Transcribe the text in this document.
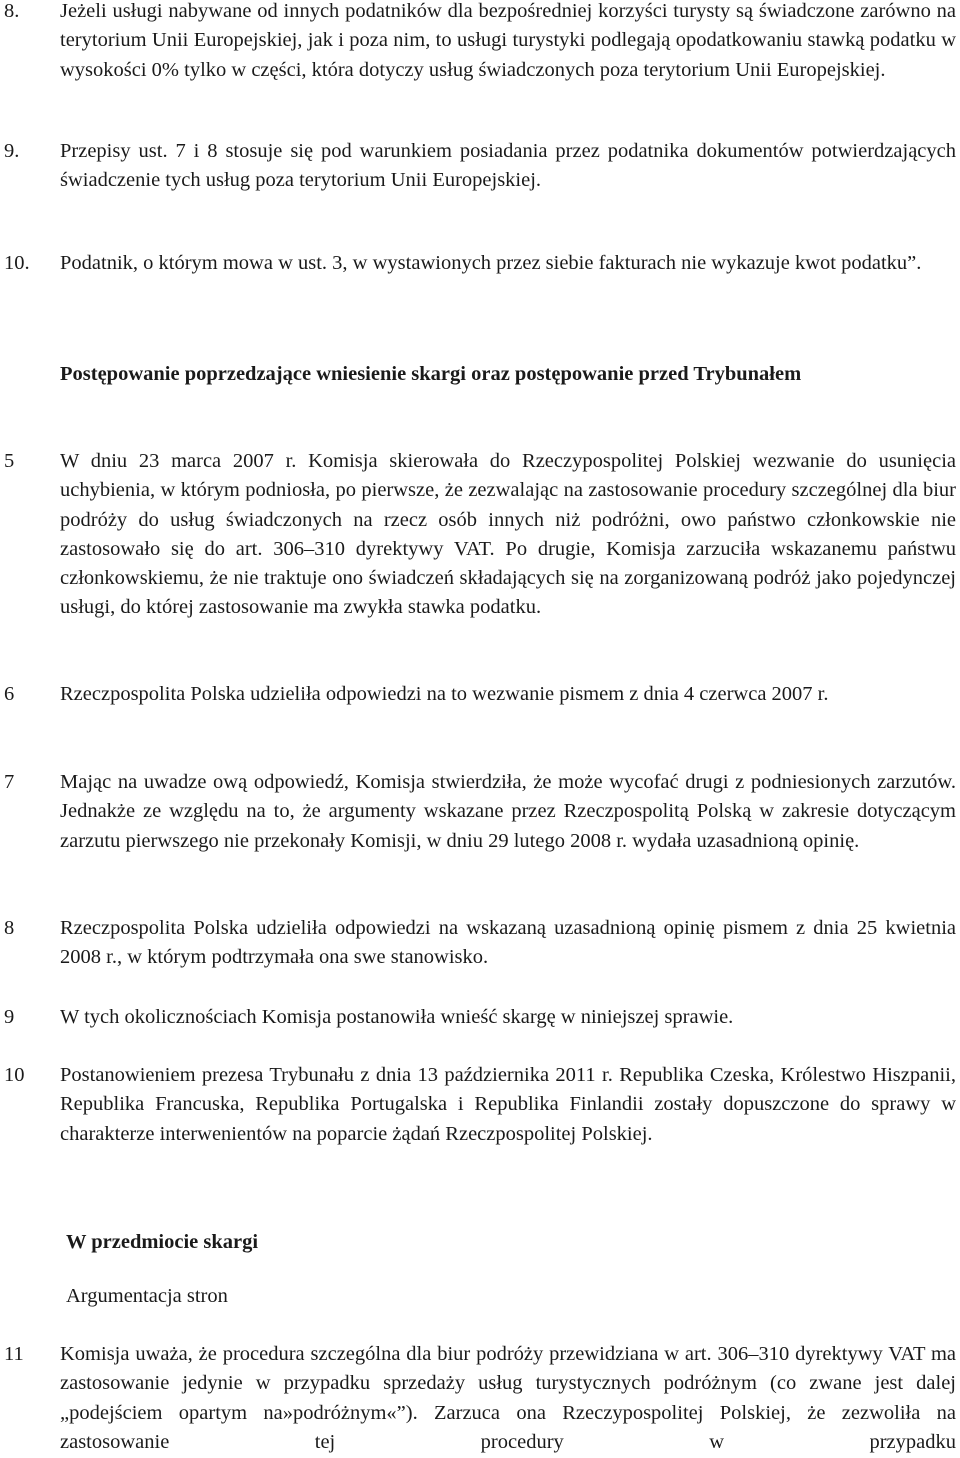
8. Jeżeli usługi nabywane od innych podatników dla bezpośredniej korzyści turysty są świadczone zarówno na terytorium Unii Europejskiej, jak i poza nim, to usługi turystyki podlegają opodatkowaniu stawką podatku w wysokości 0% tylko w części, która dotyczy usług świadczonych poza terytorium Unii Europejskiej.
9. Przepisy ust. 7 i 8 stosuje się pod warunkiem posiadania przez podatnika dokumentów potwierdzających świadczenie tych usług poza terytorium Unii Europejskiej.
10. Podatnik, o którym mowa w ust. 3, w wystawionych przez siebie fakturach nie wykazuje kwot podatku”.
Postępowanie poprzedzające wniesienie skargi oraz postępowanie przed Trybunałem
5 W dniu 23 marca 2007 r. Komisja skierowała do Rzeczypospolitej Polskiej wezwanie do usunięcia uchybienia, w którym podniosła, po pierwsze, że zezwalając na zastosowanie procedury szczególnej dla biur podróży do usług świadczonych na rzecz osób innych niż podróżni, owo państwo członkowskie nie zastosowało się do art. 306–310 dyrektywy VAT. Po drugie, Komisja zarzuciła wskazanemu państwu członkowskiemu, że nie traktuje ono świadczeń składających się na zorganizowaną podróż jako pojedynczej usługi, do której zastosowanie ma zwykła stawka podatku.
6 Rzeczpospolita Polska udzieliła odpowiedzi na to wezwanie pismem z dnia 4 czerwca 2007 r.
7 Mając na uwadze ową odpowiedź, Komisja stwierdziła, że może wycofać drugi z podniesionych zarzutów. Jednakże ze względu na to, że argumenty wskazane przez Rzeczpospolitą Polską w zakresie dotyczącym zarzutu pierwszego nie przekonały Komisji, w dniu 29 lutego 2008 r. wydała uzasadnioną opinię.
8 Rzeczpospolita Polska udzieliła odpowiedzi na wskazaną uzasadnioną opinię pismem z dnia 25 kwietnia 2008 r., w którym podtrzymała ona swe stanowisko.
9 W tych okolicznościach Komisja postanowiła wnieść skargę w niniejszej sprawie.
10 Postanowieniem prezesa Trybunału z dnia 13 października 2011 r. Republika Czeska, Królestwo Hiszpanii, Republika Francuska, Republika Portugalska i Republika Finlandii zostały dopuszczone do sprawy w charakterze interwenientów na poparcie żądań Rzeczpospolitej Polskiej.
W przedmiocie skargi
Argumentacja stron
11 Komisja uważa, że procedura szczególna dla biur podróży przewidziana w art. 306–310 dyrektywy VAT ma zastosowanie jedynie w przypadku sprzedaży usług turystycznych podróżnym (co zwane jest dalej „podejściem opartym na»podróżnym«”). Zarzuca ona Rzeczypospolitej Polskiej, że zezwoliła na zastosowanie tej procedury w przypadku
